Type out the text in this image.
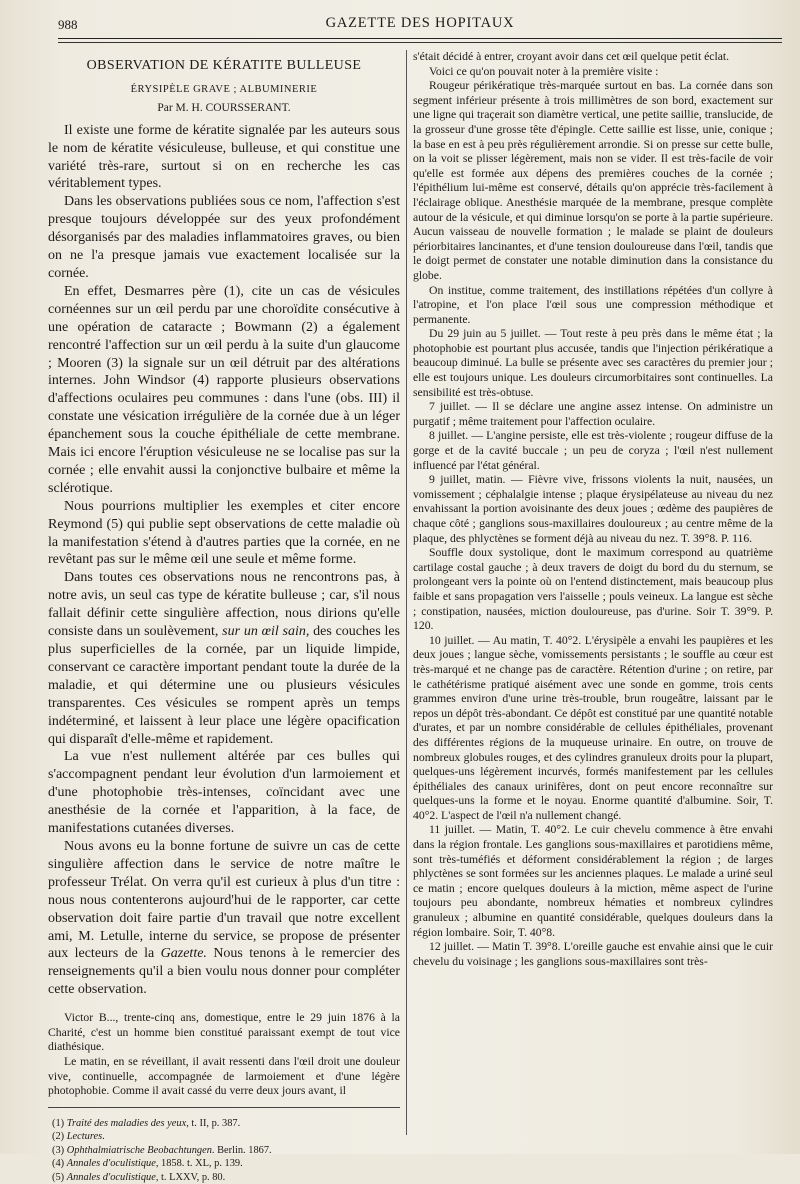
988	GAZETTE DES HOPITAUX

OBSERVATION DE KÉRATITE BULLEUSE

ÉRYSIPÈLE GRAVE ; ALBUMINERIE

Par M. H. COURSSERANT.

Il existe une forme de kératite signalée par les auteurs sous le nom de kératite vésiculeuse, bulleuse, et qui constitue une variété très-rare, surtout si on en recherche les cas véritablement types.

Dans les observations publiées sous ce nom, l'affection s'est presque toujours développée sur des yeux profondément désorganisés par des maladies inflammatoires graves, ou bien on ne l'a presque jamais vue exactement localisée sur la cornée.

En effet, Desmarres père (1), cite un cas de vésicules cornéennes sur un œil perdu par une choroïdite consécutive à une opération de cataracte ; Bowmann (2) a également rencontré l'affection sur un œil perdu à la suite d'un glaucome ; Mooren (3) la signale sur un œil détruit par des altérations internes. John Windsor (4) rapporte plusieurs observations d'affections oculaires peu communes : dans l'une (obs. III) il constate une vésication irrégulière de la cornée due à un léger épanchement sous la couche épithéliale de cette membrane. Mais ici encore l'éruption vésiculeuse ne se localise pas sur la cornée ; elle envahit aussi la conjonctive bulbaire et même la sclérotique.

Nous pourrions multiplier les exemples et citer encore Reymond (5) qui publie sept observations de cette maladie où la manifestation s'étend à d'autres parties que la cornée, en ne revêtant pas sur le même œil une seule et même forme.

Dans toutes ces observations nous ne rencontrons pas, à notre avis, un seul cas type de kératite bulleuse ; car, s'il nous fallait définir cette singulière affection, nous dirions qu'elle consiste dans un soulèvement, sur un œil sain, des couches les plus superficielles de la cornée, par un liquide limpide, conservant ce caractère important pendant toute la durée de la maladie, et qui détermine une ou plusieurs vésicules transparentes. Ces vésicules se rompent après un temps indéterminé, et laissent à leur place une légère opacification qui disparaît d'elle-même et rapidement.

La vue n'est nullement altérée par ces bulles qui s'accompagnent pendant leur évolution d'un larmoiement et d'une photophobie très-intenses, coïncidant avec une anesthésie de la cornée et l'apparition, à la face, de manifestations cutanées diverses.

Nous avons eu la bonne fortune de suivre un cas de cette singulière affection dans le service de notre maître le professeur Trélat. On verra qu'il est curieux à plus d'un titre : nous nous contenterons aujourd'hui de le rapporter, car cette observation doit faire partie d'un travail que notre excellent ami, M. Letulle, interne du service, se propose de présenter aux lecteurs de la Gazette. Nous tenons à le remercier des renseignements qu'il a bien voulu nous donner pour compléter cette observation.

Victor B..., trente-cinq ans, domestique, entre le 29 juin 1876 à la Charité, c'est un homme bien constitué paraissant exempt de tout vice diathésique.

Le matin, en se réveillant, il avait ressenti dans l'œil droit une douleur vive, continuelle, accompagnée de larmoiement et d'une légère photophobie. Comme il avait cassé du verre deux jours avant, il

(1) Traité des maladies des yeux, t. II, p. 387.
(2) Lectures.
(3) Ophthalmiatrische Beobachtungen. Berlin. 1867.
(4) Annales d'oculistique, 1858. t. XL, p. 139.
(5) Annales d'oculistique, t. LXXV, p. 80.

s'était décidé à entrer, croyant avoir dans cet œil quelque petit éclat.

Voici ce qu'on pouvait noter à la première visite :

Rougeur périkératique très-marquée surtout en bas. La cornée dans son segment inférieur présente à trois millimètres de son bord, exactement sur une ligne qui traçerait son diamètre vertical, une petite saillie, translucide, de la grosseur d'une grosse tête d'épingle. Cette saillie est lisse, unie, conique ; la base en est à peu près régulièrement arrondie. Si on presse sur cette bulle, on la voit se plisser légèrement, mais non se vider. Il est très-facile de voir qu'elle est formée aux dépens des premières couches de la cornée ; l'épithélium lui-même est conservé, détails qu'on apprécie très-facilement à l'éclairage oblique. Anesthésie marquée de la membrane, presque complète autour de la vésicule, et qui diminue lorsqu'on se porte à la partie supérieure. Aucun vaisseau de nouvelle formation ; le malade se plaint de douleurs périorbitaires lancinantes, et d'une tension douloureuse dans l'œil, tandis que le doigt permet de constater une notable diminution dans la consistance du globe.

On institue, comme traitement, des instillations répétées d'un collyre à l'atropine, et l'on place l'œil sous une compression méthodique et permanente.

Du 29 juin au 5 juillet. — Tout reste à peu près dans le même état ; la photophobie est pourtant plus accusée, tandis que l'injection périkératique a beaucoup diminué. La bulle se présente avec ses caractères du premier jour ; elle est toujours unique. Les douleurs circumorbitaires sont continuelles. La sensibilité est très-obtuse.

7 juillet. — Il se déclare une angine assez intense. On administre un purgatif ; même traitement pour l'affection oculaire.

8 juillet. — L'angine persiste, elle est très-violente ; rougeur diffuse de la gorge et de la cavité buccale ; un peu de coryza ; l'œil n'est nullement influencé par l'état général.

9 juillet, matin. — Fièvre vive, frissons violents la nuit, nausées, un vomissement ; céphalalgie intense ; plaque érysipélateuse au niveau du nez envahissant la portion avoisinante des deux joues ; œdème des paupières de chaque côté ; ganglions sous-maxillaires douloureux ; au centre même de la plaque, des phlyctènes se forment déjà au niveau du nez. T. 39°8. P. 116.

Souffle doux systolique, dont le maximum correspond au quatrième cartilage costal gauche ; à deux travers de doigt du bord du du sternum, se prolongeant vers la pointe où on l'entend distinctement, mais beaucoup plus faible et sans propagation vers l'aisselle ; pouls veineux. La langue est sèche ; constipation, nausées, miction douloureuse, pas d'urine. Soir T. 39°9. P. 120.

10 juillet. — Au matin, T. 40°2. L'érysipèle a envahi les paupières et les deux joues ; langue sèche, vomissements persistants ; le souffle au cœur est très-marqué et ne change pas de caractère. Rétention d'urine ; on retire, par le cathétérisme pratiqué aisément avec une sonde en gomme, trois cents grammes environ d'une urine très-trouble, brun rougeâtre, laissant par le repos un dépôt très-abondant. Ce dépôt est constitué par une quantité notable d'urates, et par un nombre considérable de cellules épithéliales, provenant des différentes régions de la muqueuse urinaire. En outre, on trouve de nombreux globules rouges, et des cylindres granuleux droits pour la plupart, quelques-uns légèrement incurvés, formés manifestement par les cellules épithéliales des canaux urinifères, dont on peut encore reconnaître sur quelques-uns la forme et le noyau. Enorme quantité d'albumine. Soir, T. 40°2. L'aspect de l'œil n'a nullement changé.

11 juillet. — Matin, T. 40°2. Le cuir chevelu commence à être envahi dans la région frontale. Les ganglions sous-maxillaires et parotidiens même, sont très-tuméfiés et déforment considérablement la région ; de larges phlyctènes se sont formées sur les anciennes plaques. Le malade a uriné seul ce matin ; encore quelques douleurs à la miction, même aspect de l'urine toujours peu abondante, nombreux hématies et nombreux cylindres granuleux ; albumine en quantité considérable, quelques douleurs dans la région lombaire. Soir, T. 40°8.

12 juillet. — Matin T. 39°8. L'oreille gauche est envahie ainsi que le cuir chevelu du voisinage ; les ganglions sous-maxillaires sont très-
